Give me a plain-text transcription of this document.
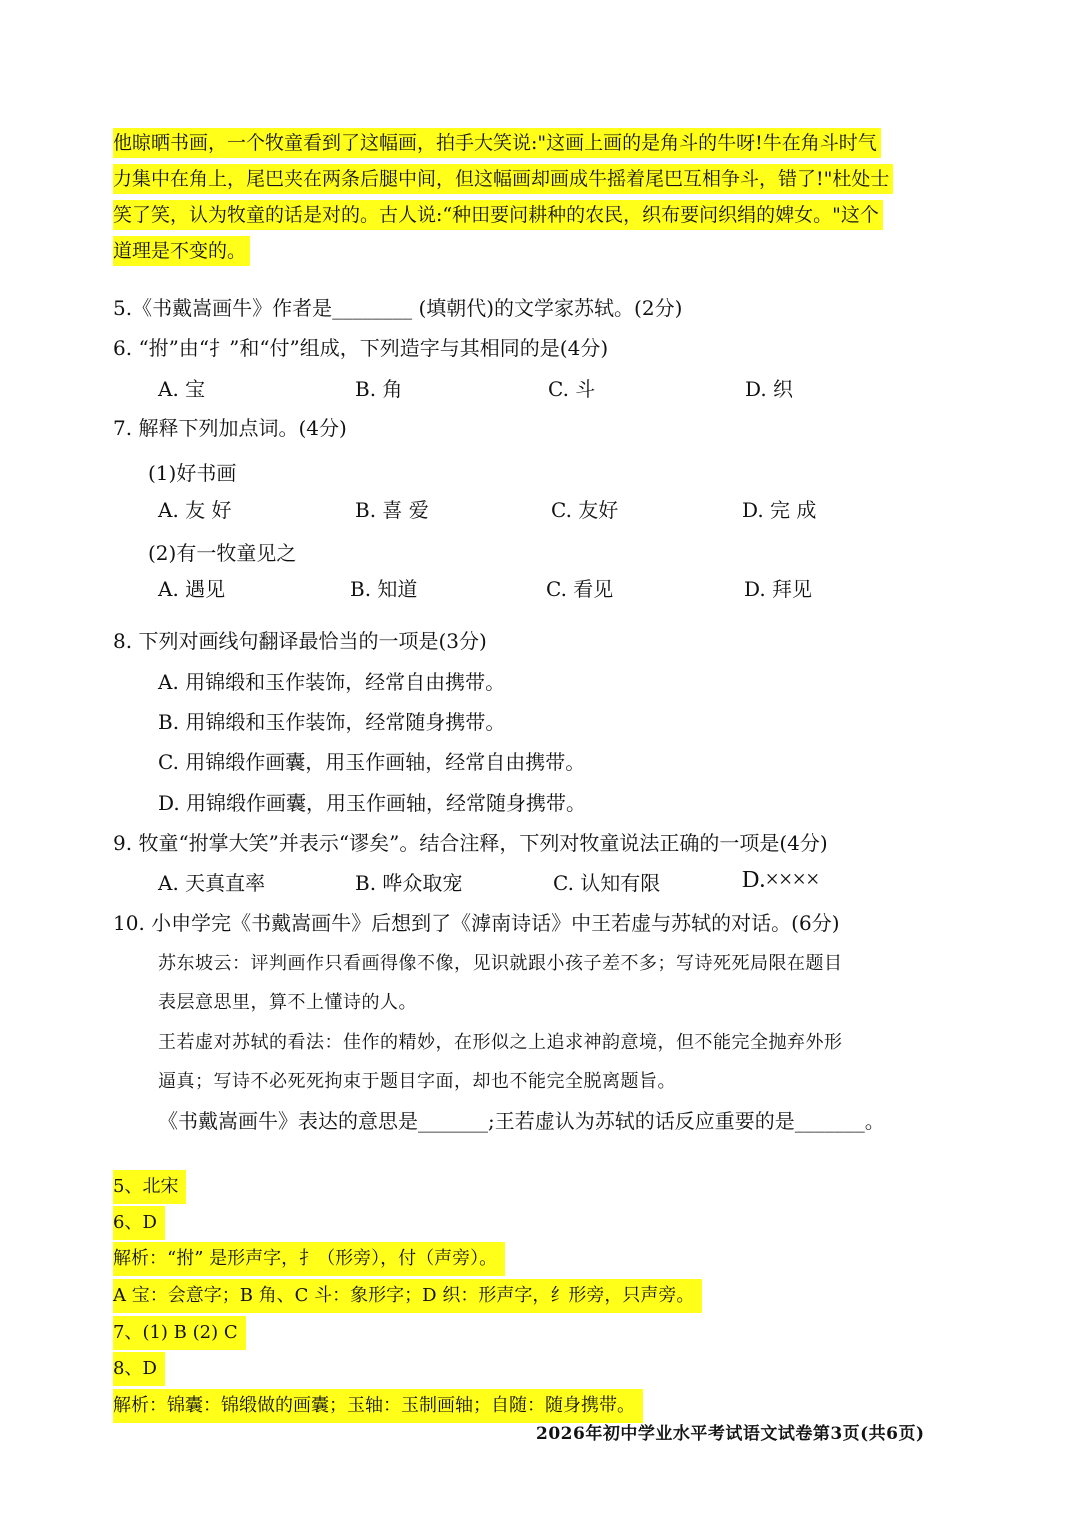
他晾晒书画，一个牧童看到了这幅画，拍手大笑说:"这画上画的是角斗的牛呀!牛在角斗时气
力集中在角上，尾巴夹在两条后腿中间，但这幅画却画成牛摇着尾巴互相争斗，错了!"杜处士
笑了笑，认为牧童的话是对的。古人说:“种田要问耕种的农民，织布要问织绢的婢女。"这个
道理是不变的。
5.《书戴嵩画牛》作者是________ (填朝代)的文学家苏轼。(2分)
6. “拊”由“扌”和“付”组成，下列造字与其相同的是(4分)
A. 宝	B. 角	C. 斗	D. 织
7. 解释下列加点词。(4分)
(1)好书画
A. 友 好	B. 喜 爱	C. 友好	D. 完 成
(2)有一牧童见之
A. 遇见	B. 知道	C. 看见	D. 拜见
8. 下列对画线句翻译最恰当的一项是(3分)
A. 用锦缎和玉作装饰，经常自由携带。
B. 用锦缎和玉作装饰，经常随身携带。
C. 用锦缎作画囊，用玉作画轴，经常自由携带。
D. 用锦缎作画囊，用玉作画轴，经常随身携带。
9. 牧童“拊掌大笑”并表示“谬矣”。结合注释，下列对牧童说法正确的一项是(4分)
A. 天真直率	B. 哗众取宠	C. 认知有限	D.××××
10. 小申学完《书戴嵩画牛》后想到了《滹南诗话》中王若虚与苏轼的对话。(6分)
苏东坡云：评判画作只看画得像不像，见识就跟小孩子差不多；写诗死死局限在题目
表层意思里，算不上懂诗的人。
王若虚对苏轼的看法：佳作的精妙，在形似之上追求神韵意境，但不能完全抛弃外形
逼真；写诗不必死死拘束于题目字面，却也不能完全脱离题旨。
《书戴嵩画牛》表达的意思是_______;王若虚认为苏轼的话反应重要的是_______。
5、北宋
6、D
解析：“拊” 是形声字，扌（形旁），付（声旁）。
A 宝：会意字；B 角、C 斗：象形字；D 织：形声字，纟形旁，只声旁。
7、(1) B (2) C
8、D
解析：锦囊：锦缎做的画囊；玉轴：玉制画轴；自随：随身携带。
2026年初中学业水平考试语文试卷第3页(共6页)
